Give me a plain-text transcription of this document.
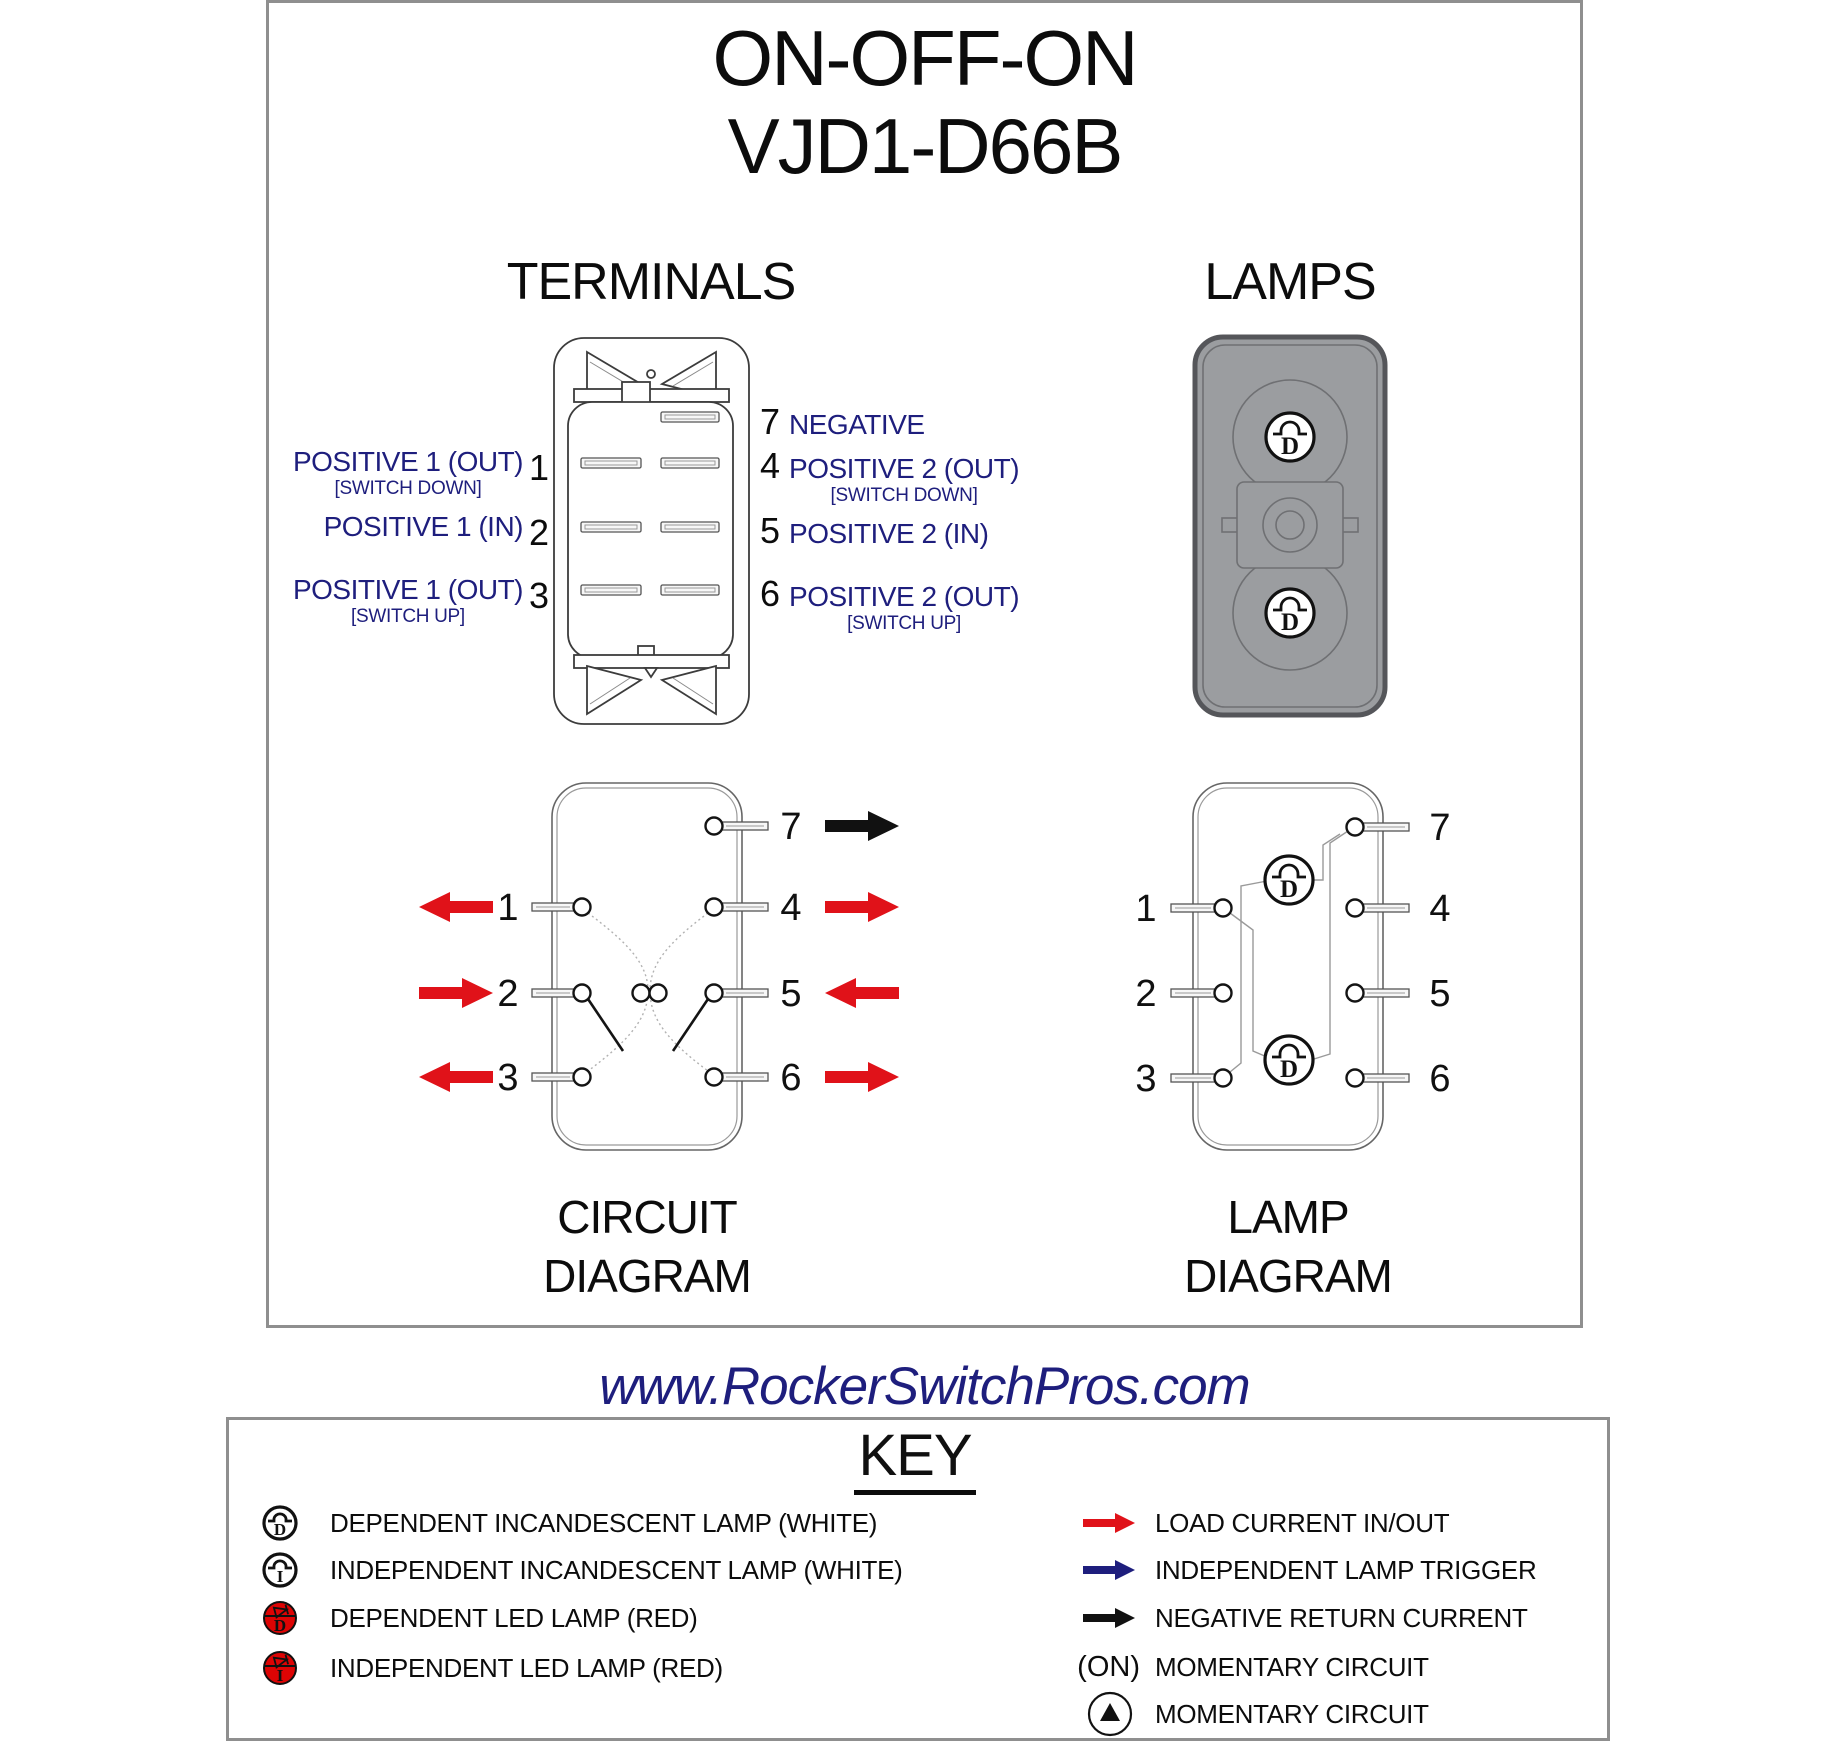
ON-OFF-ON
VJD1-D66B
TERMINALS	LAMPS
POSITIVE 1 (OUT)
[SWITCH DOWN]
1
POSITIVE 1 (IN) 2
POSITIVE 1 (OUT)
[SWITCH UP]
3
7 NEGATIVE
4 POSITIVE 2 (OUT)
[SWITCH DOWN]
5 POSITIVE 2 (IN)
6 POSITIVE 2 (OUT)
[SWITCH UP]
D
D
1
2
3
7
4
5
6
D
D
1
2
3
7
4
5
6
CIRCUIT
DIAGRAM
LAMP
DIAGRAM
www.RockerSwitchPros.com
KEY
D
I
D
I
DEPENDENT INCANDESCENT LAMP (WHITE)
INDEPENDENT INCANDESCENT LAMP (WHITE)
DEPENDENT LED LAMP (RED)
INDEPENDENT LED LAMP (RED)	(ON)
LOAD CURRENT IN/OUT
INDEPENDENT LAMP TRIGGER
NEGATIVE RETURN CURRENT
MOMENTARY CIRCUIT
MOMENTARY CIRCUIT
